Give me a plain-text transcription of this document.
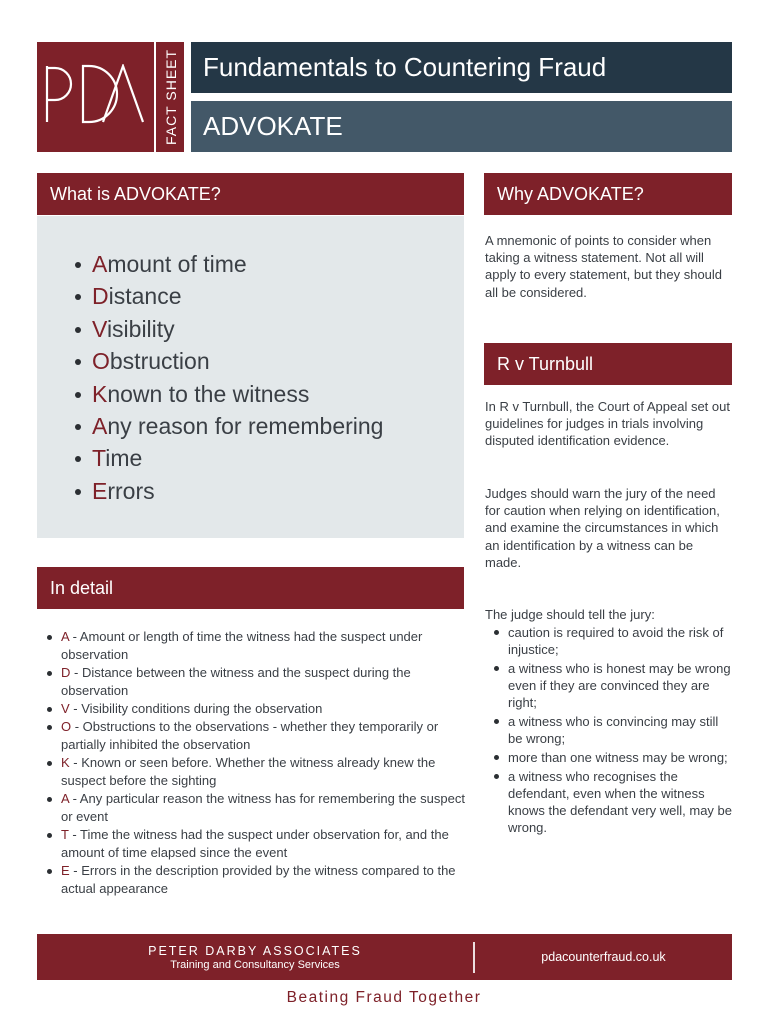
FACT SHEET Fundamentals to Countering Fraud
ADVOKATE
What is ADVOKATE?
Amount of time
Distance
Visibility
Obstruction
Known to the witness
Any reason for remembering
Time
Errors
In detail
A - Amount or length of time the witness had the suspect under observation
D - Distance between the witness and the suspect during the observation
V - Visibility conditions during the observation
O - Obstructions to the observations - whether they temporarily or partially inhibited the observation
K - Known or seen before. Whether the witness already knew the suspect before the sighting
A - Any particular reason the witness has for remembering the suspect or event
T - Time the witness had the suspect under observation for, and the amount of time elapsed since the event
E - Errors in the description provided by the witness compared to the actual appearance
Why ADVOKATE?

A mnemonic of points to consider when taking a witness statement. Not all will apply to every statement, but they should all be considered.

R v Turnbull

In R v Turnbull, the Court of Appeal set out guidelines for judges in trials involving disputed identification evidence.

Judges should warn the jury of the need for caution when relying on identification, and examine the circumstances in which an identification by a witness can be made.

The judge should tell the jury:

caution is required to avoid the risk of injustice;
a witness who is honest may be wrong even if they are convinced they are right;
a witness who is convincing may still be wrong;
more than one witness may be wrong;
a witness who recognises the defendant, even when the witness knows the defendant very well, may be wrong.
PETER DARBY ASSOCIATES
Training and Consultancy Services
pdacounterfraud.co.uk
Beating Fraud Together
